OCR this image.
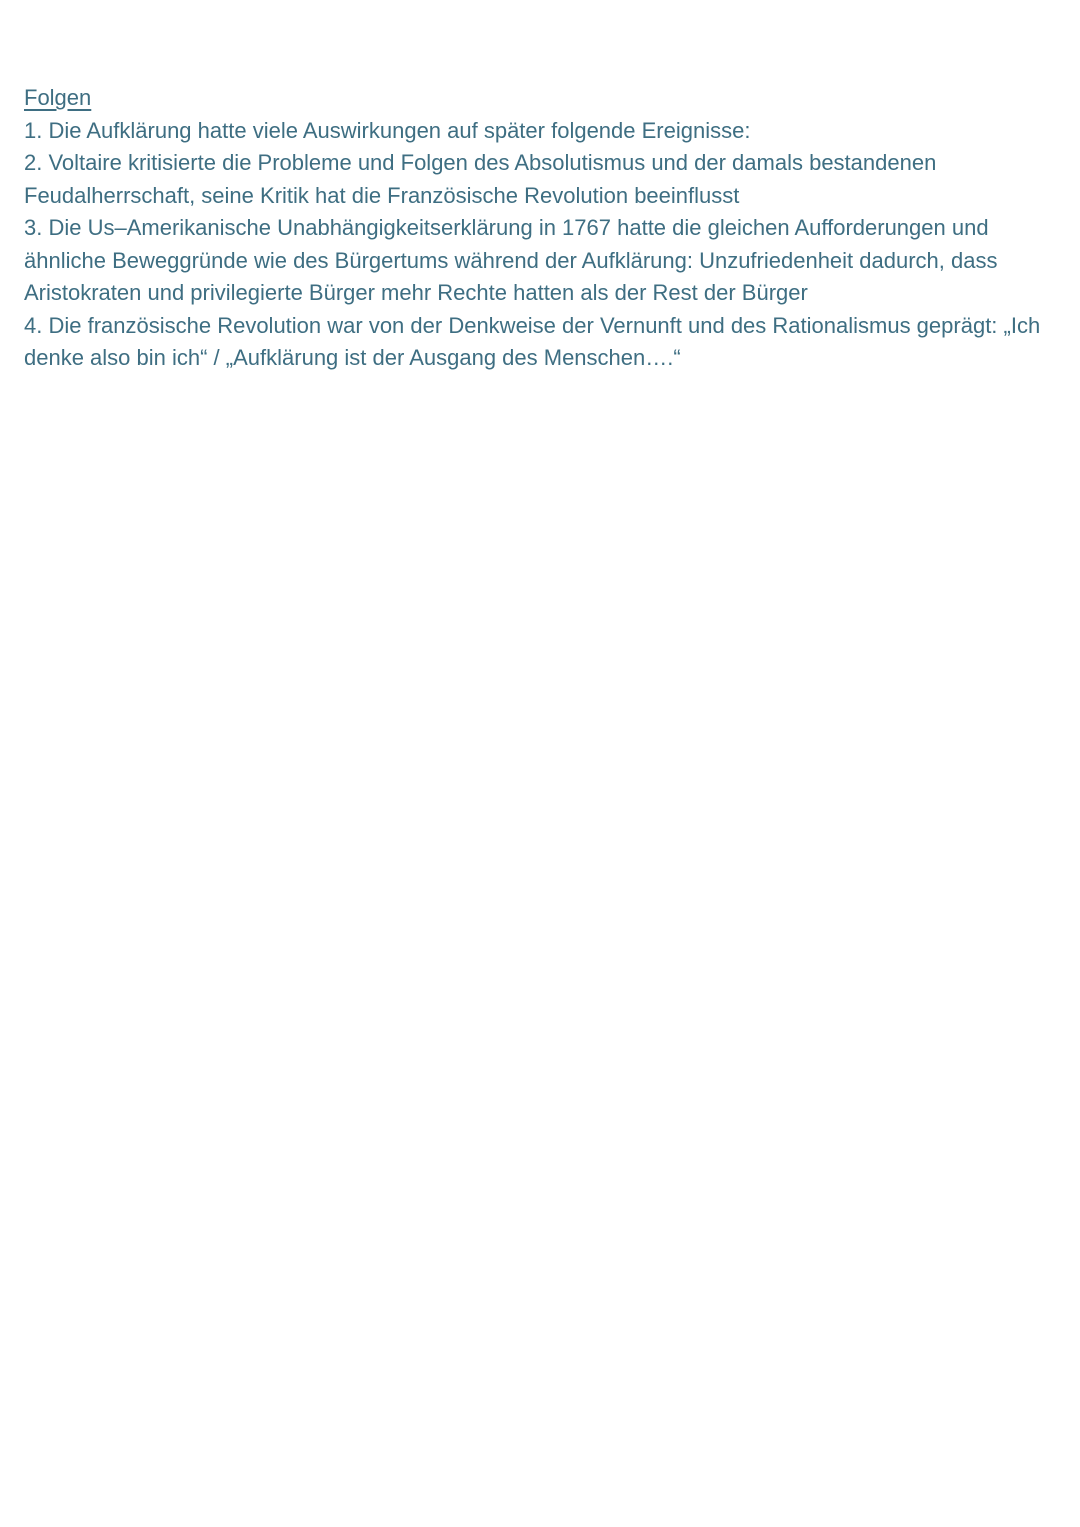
Folgen

1. Die Aufklärung hatte viele Auswirkungen auf später folgende Ereignisse:

2. Voltaire kritisierte die Probleme und Folgen des Absolutismus und der damals bestandenen Feudalherrschaft, seine Kritik hat die Französische Revolution beeinflusst

3. Die Us–Amerikanische Unabhängigkeitserklärung in 1767 hatte die gleichen Aufforderungen und ähnliche Beweggründe wie des Bürgertums während der Aufklärung: Unzufriedenheit dadurch, dass Aristokraten und privilegierte Bürger mehr Rechte hatten als der Rest der Bürger

4. Die französische Revolution war von der Denkweise der Vernunft und des Rationalismus geprägt: „Ich denke also bin ich“ / „Aufklärung ist der Ausgang des Menschen….“
